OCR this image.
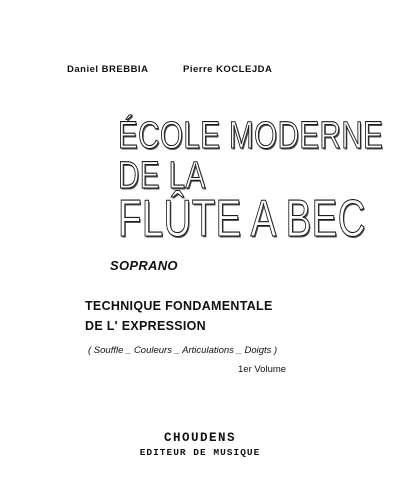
Daniel BREBBIA	Pierre KOCLEJDA
ÉCOLE MODERNE
DE LA
FLÛTE A BEC
SOPRANO
TECHNIQUE FONDAMENTALE
DE L' EXPRESSION
( Souffle _ Couleurs _ Articulations _ Doigts )
1er Volume
CHOUDENS
EDITEUR DE MUSIQUE
